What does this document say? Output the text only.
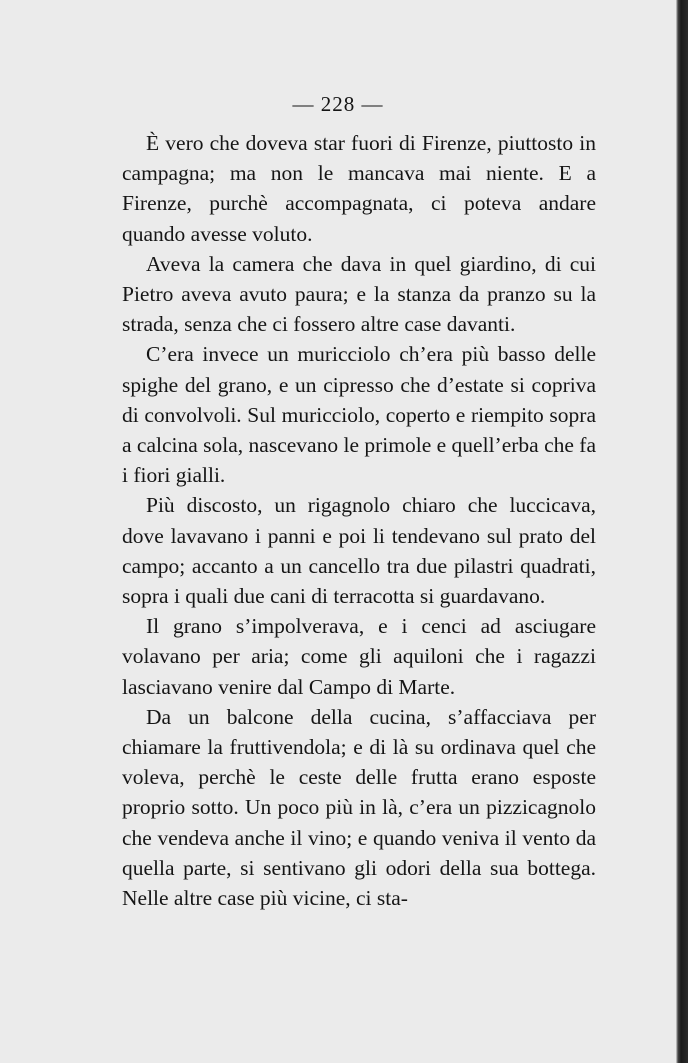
— 228 —

È vero che doveva star fuori di Firenze, piuttosto in campagna; ma non le mancava mai niente. E a Firenze, purchè accompagnata, ci poteva andare quando avesse voluto.

Aveva la camera che dava in quel giardino, di cui Pietro aveva avuto paura; e la stanza da pranzo su la strada, senza che ci fossero altre case davanti.

C’era invece un muricciolo ch’era più basso delle spighe del grano, e un cipresso che d’estate si copriva di convolvoli. Sul muricciolo, coperto e riempito sopra a calcina sola, nascevano le primole e quell’erba che fa i fiori gialli.

Più discosto, un rigagnolo chiaro che luccicava, dove lavavano i panni e poi li tendevano sul prato del campo; accanto a un cancello tra due pilastri quadrati, sopra i quali due cani di terracotta si guardavano.

Il grano s’impolverava, e i cenci ad asciugare volavano per aria; come gli aquiloni che i ragazzi lasciavano venire dal Campo di Marte.

Da un balcone della cucina, s’affacciava per chiamare la fruttivendola; e di là su ordinava quel che voleva, perchè le ceste delle frutta erano esposte proprio sotto. Un poco più in là, c’era un pizzicagnolo che vendeva anche il vino; e quando veniva il vento da quella parte, si sentivano gli odori della sua bottega. Nelle altre case più vicine, ci sta-
